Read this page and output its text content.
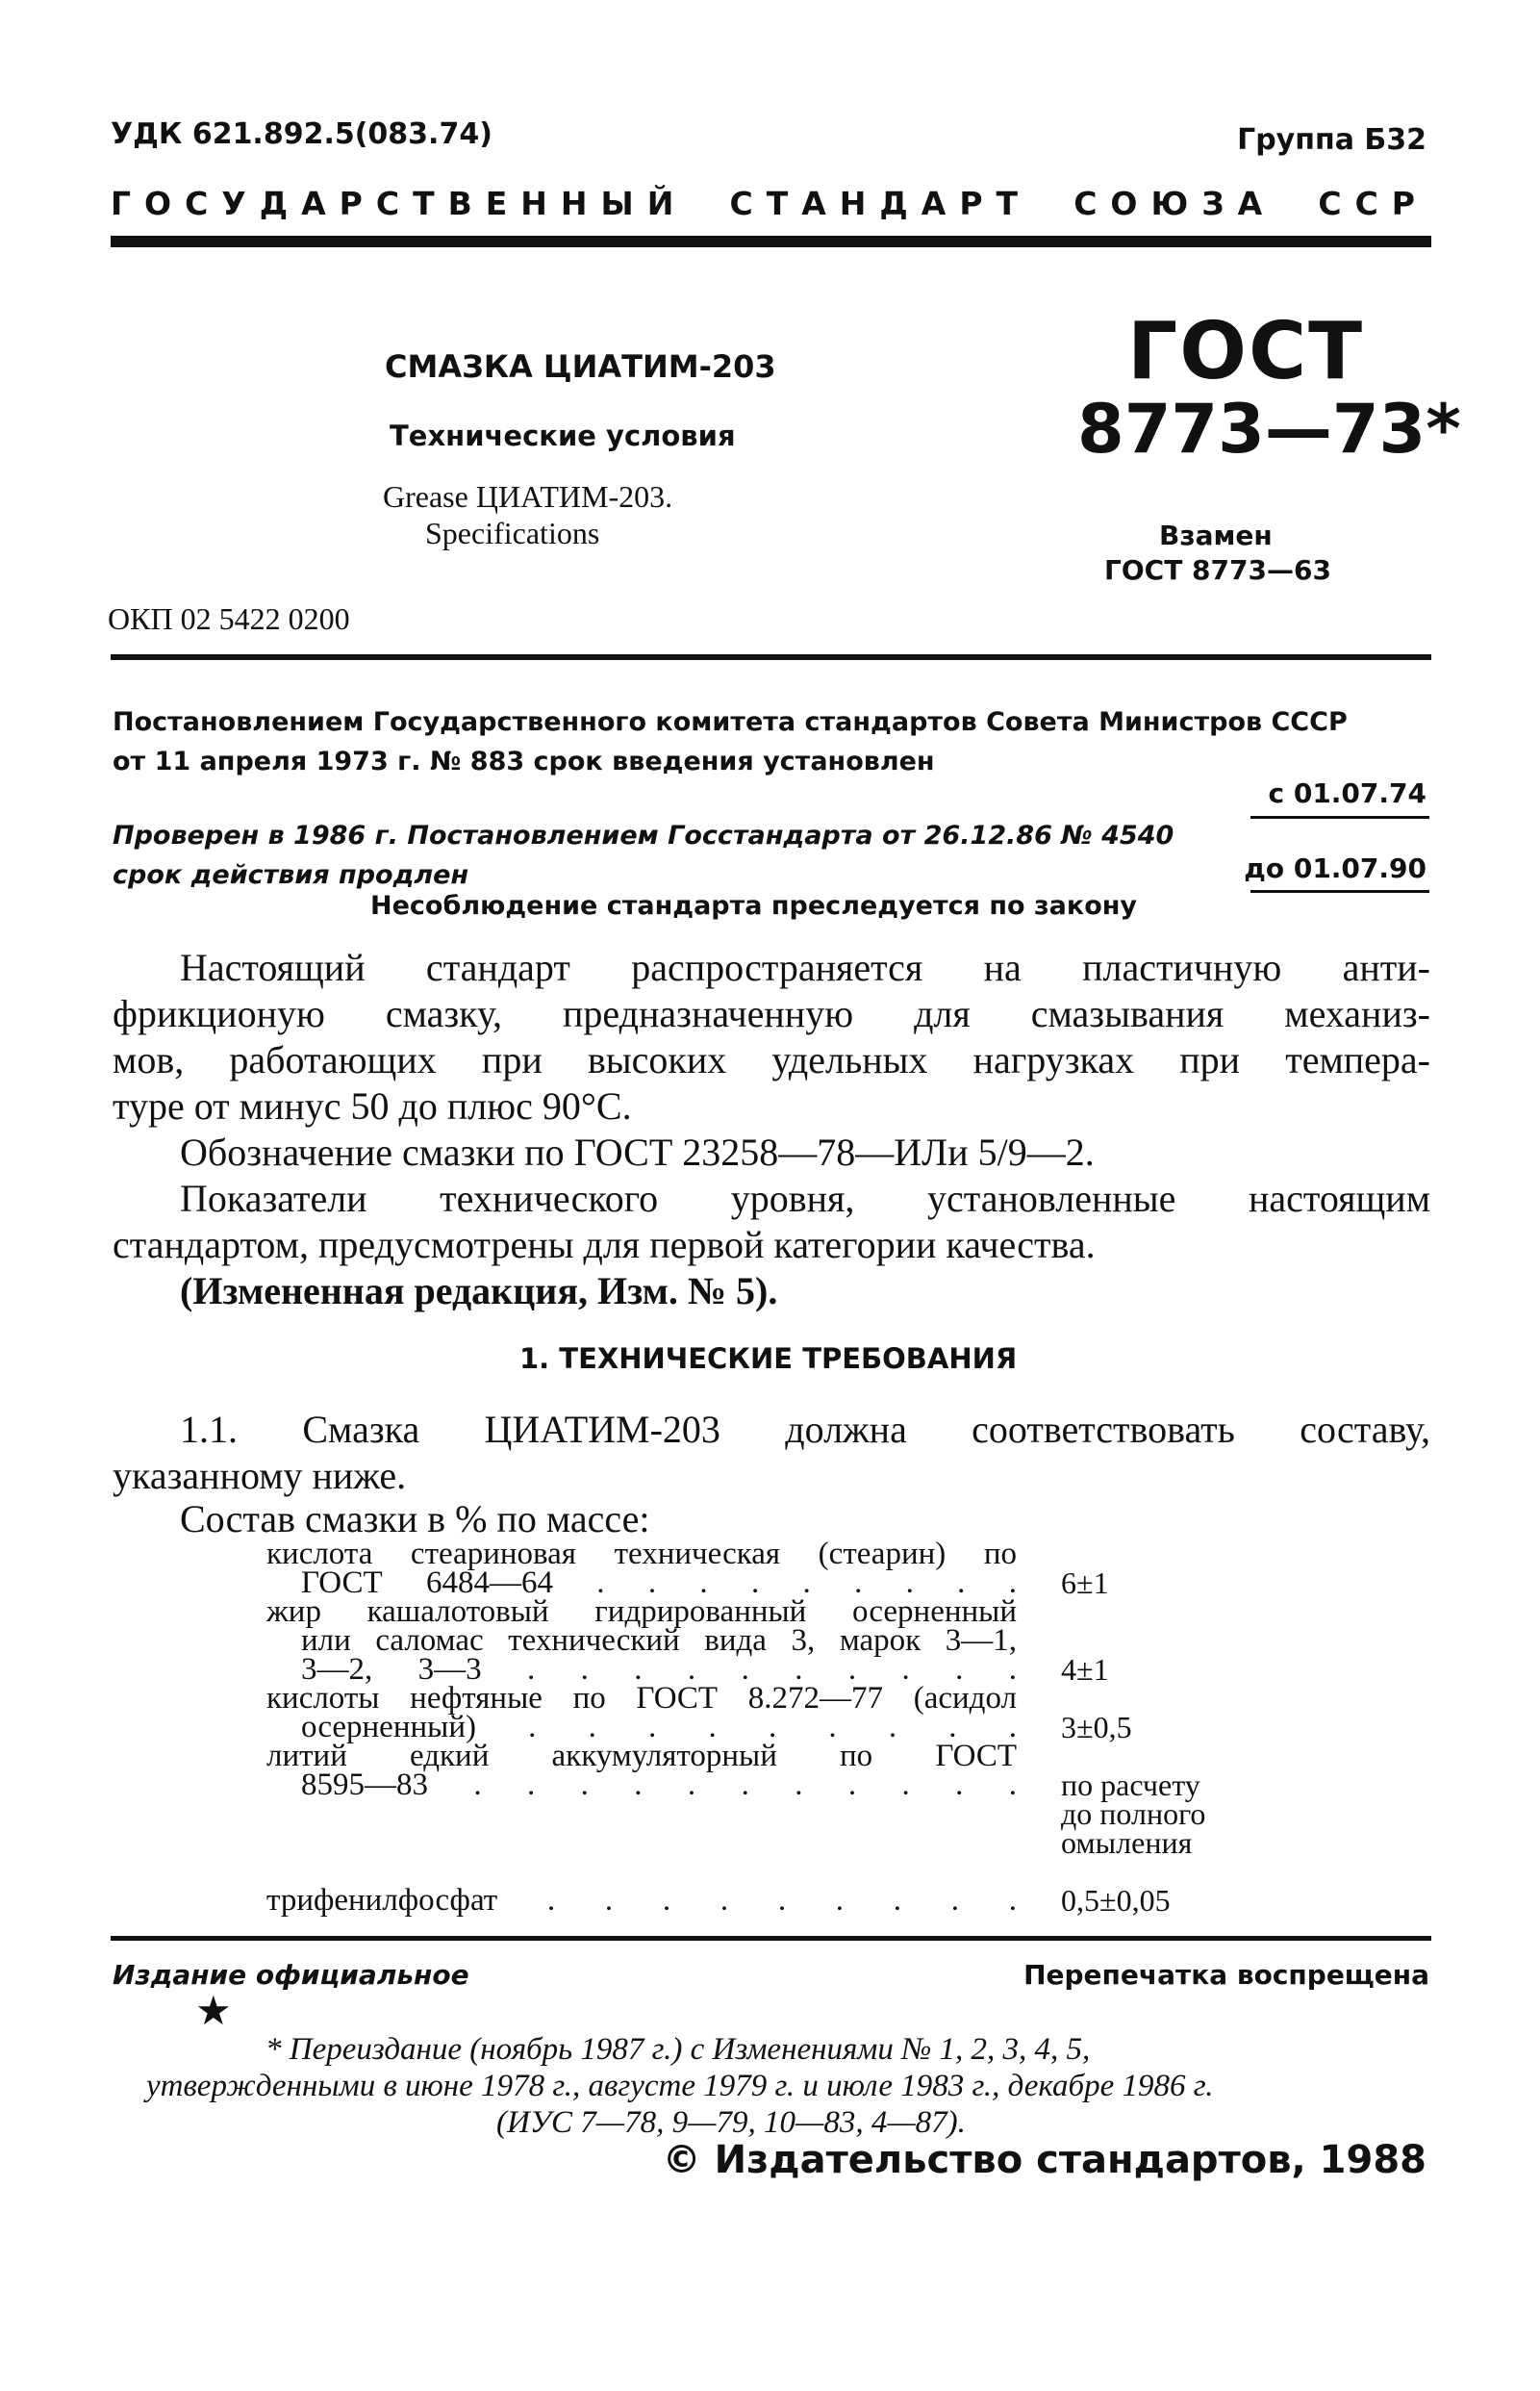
УДК 621.892.5(083.74)	Группа Б32
ГОСУДАРСТВЕННЫЙ СТАНДАРТ СОЮЗА ССР
СМАЗКА ЦИАТИМ-203
Технические условия
Grease ЦИАТИМ-203.
Specifications
ОКП 02 5422 0200
ГОСТ
8773—73*
Взамен
ГОСТ 8773—63
Постановлением Государственного комитета стандартов Совета Министров СССР
от 11 апреля 1973 г. № 883 срок введения установлен
с 01.07.74
Проверен в 1986 г. Постановлением Госстандарта от 26.12.86 № 4540
срок действия продлен	до 01.07.90
Несоблюдение стандарта преследуется по закону
Настоящий стандарт распространяется на пластичную анти-
фрикционую смазку, предназначенную для смазывания механиз-
мов, работающих при высоких удельных нагрузках при темпера-
туре от минус 50 до плюс 90°С.
Обозначение смазки по ГОСТ 23258—78—ИЛи 5/9—2.
Показатели технического уровня, установленные настоящим
стандартом, предусмотрены для первой категории качества.
(Измененная редакция, Изм. № 5).
1. ТЕХНИЧЕСКИЕ ТРЕБОВАНИЯ
1.1. Смазка ЦИАТИМ-203 должна соответствовать составу,
указанному ниже.
Состав смазки в % по массе:
кислота стеариновая техническая (стеарин) по
ГОСТ 6484—64 . . . . . . . . . 6±1
жир кашалотовый гидрированный осерненный
или саломас технический вида 3, марок 3—1,
3—2, 3—3 . . . . . . . . . . 4±1
кислоты нефтяные по ГОСТ 8.272—77 (асидол
осерненный) . . . . . . . . . 3±0,5
литий едкий аккумуляторный по ГОСТ
8595—83 . . . . . . . . . . . по расчету
до полного
омыления
трифенилфосфат . . . . . . . . . 0,5±0,05
Издание официальное	Перепечатка воспрещена
★
* Переиздание (ноябрь 1987 г.) с Изменениями № 1, 2, 3, 4, 5,
утвержденными в июне 1978 г., августе 1979 г. и июле 1983 г., декабре 1986 г.
(ИУС 7—78, 9—79, 10—83, 4—87).
© Издательство стандартов, 1988
